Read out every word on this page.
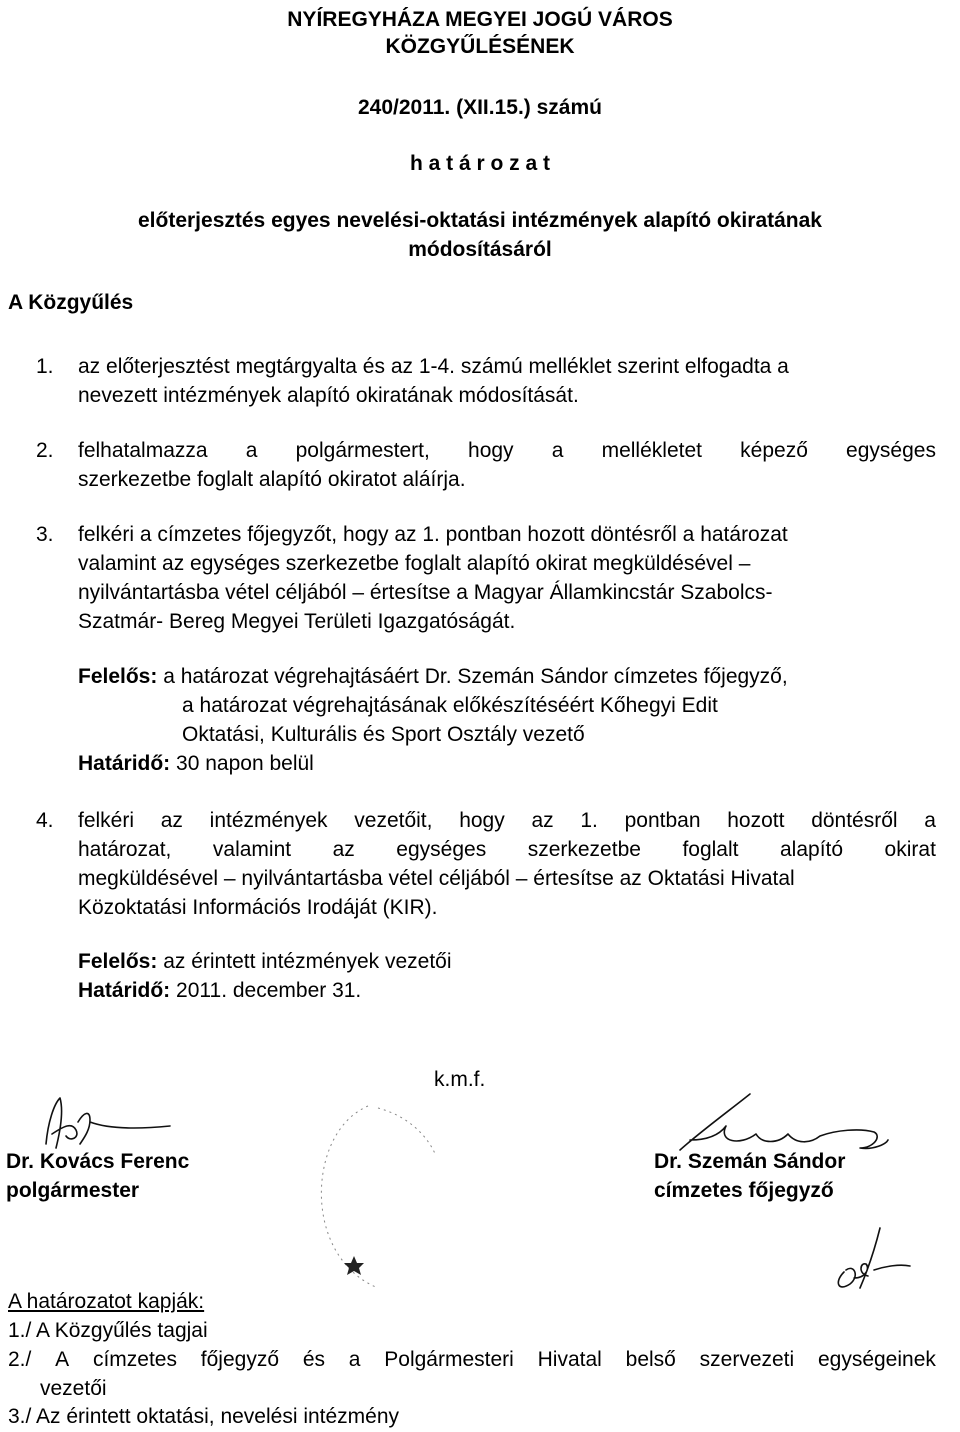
NYÍREGYHÁZA MEGYEI JOGÚ VÁROS
KÖZGYŰLÉSÉNEK
240/2011. (XII.15.) számú
h a t á r o z a t
előterjesztés egyes nevelési-oktatási intézmények alapító okiratának
módosításáról
A Közgyűlés
1. az előterjesztést megtárgyalta és az 1-4. számú melléklet szerint elfogadta a
nevezett intézmények alapító okiratának módosítását.
2. felhatalmazza a polgármestert, hogy a mellékletet képező egységes
szerkezetbe foglalt alapító okiratot aláírja.
3. felkéri a címzetes főjegyzőt, hogy az 1. pontban hozott döntésről a határozat
valamint az egységes szerkezetbe foglalt alapító okirat megküldésével –
nyilvántartásba vétel céljából – értesítse a Magyar Államkincstár Szabolcs-
Szatmár- Bereg Megyei Területi Igazgatóságát.
Felelős: a határozat végrehajtásáért Dr. Szemán Sándor címzetes főjegyző,
a határozat végrehajtásának előkészítéséért Kőhegyi Edit
Oktatási, Kulturális és Sport Osztály vezető
Határidő: 30 napon belül
4. felkéri az intézmények vezetőit, hogy az 1. pontban hozott döntésről a
határozat, valamint az egységes szerkezetbe foglalt alapító okirat
megküldésével – nyilvántartásba vétel céljából – értesítse az Oktatási Hivatal
Közoktatási Információs Irodáját (KIR).
Felelős: az érintett intézmények vezetői
Határidő: 2011. december 31.
k.m.f.
Dr. Kovács Ferenc
polgármester
Dr. Szemán Sándor
címzetes főjegyző
A határozatot kapják:
1./ A Közgyűlés tagjai
2./ A címzetes főjegyző és a Polgármesteri Hivatal belső szervezeti egységeinek
vezetői
3./ Az érintett oktatási, nevelési intézmény
